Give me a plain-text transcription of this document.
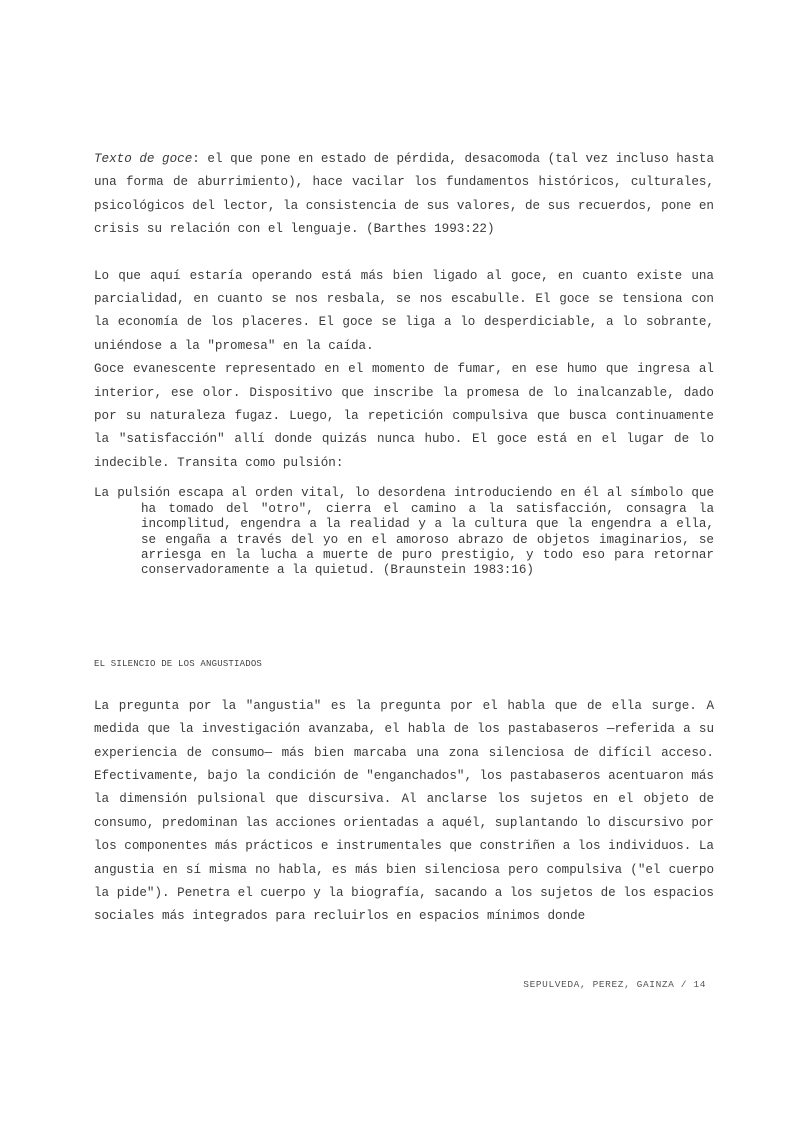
Texto de goce: el que pone en estado de pérdida, desacomoda (tal vez incluso hasta una forma de aburrimiento), hace vacilar los fundamentos históricos, culturales, psicológicos del lector, la consistencia de sus valores, de sus recuerdos, pone en crisis su relación con el lenguaje. (Barthes 1993:22)

Lo que aquí estaría operando está más bien ligado al goce, en cuanto existe una parcialidad, en cuanto se nos resbala, se nos escabulle. El goce se tensiona con la economía de los placeres. El goce se liga a lo desperdiciable, a lo sobrante, uniéndose a la "promesa" en la caída.

Goce evanescente representado en el momento de fumar, en ese humo que ingresa al interior, ese olor. Dispositivo que inscribe la promesa de lo inalcanzable, dado por su naturaleza fugaz. Luego, la repetición compulsiva que busca continuamente la "satisfacción" allí donde quizás nunca hubo. El goce está en el lugar de lo indecible. Transita como pulsión:

La pulsión escapa al orden vital, lo desordena introduciendo en él al símbolo que ha tomado del "otro", cierra el camino a la satisfacción, consagra la incomplitud, engendra a la realidad y a la cultura que la engendra a ella, se engaña a través del yo en el amoroso abrazo de objetos imaginarios, se arriesga en la lucha a muerte de puro prestigio, y todo eso para retornar conservadoramente a la quietud. (Braunstein 1983:16)

EL SILENCIO DE LOS ANGUSTIADOS

La pregunta por la "angustia" es la pregunta por el habla que de ella surge. A medida que la investigación avanzaba, el habla de los pastabaseros —referida a su experiencia de consumo— más bien marcaba una zona silenciosa de difícil acceso. Efectivamente, bajo la condición de "enganchados", los pastabaseros acentuaron más la dimensión pulsional que discursiva. Al anclarse los sujetos en el objeto de consumo, predominan las acciones orientadas a aquél, suplantando lo discursivo por los componentes más prácticos e instrumentales que constriñen a los individuos. La angustia en sí misma no habla, es más bien silenciosa pero compulsiva ("el cuerpo la pide"). Penetra el cuerpo y la biografía, sacando a los sujetos de los espacios sociales más integrados para recluirlos en espacios mínimos donde

SEPULVEDA, PEREZ, GAINZA / 14
